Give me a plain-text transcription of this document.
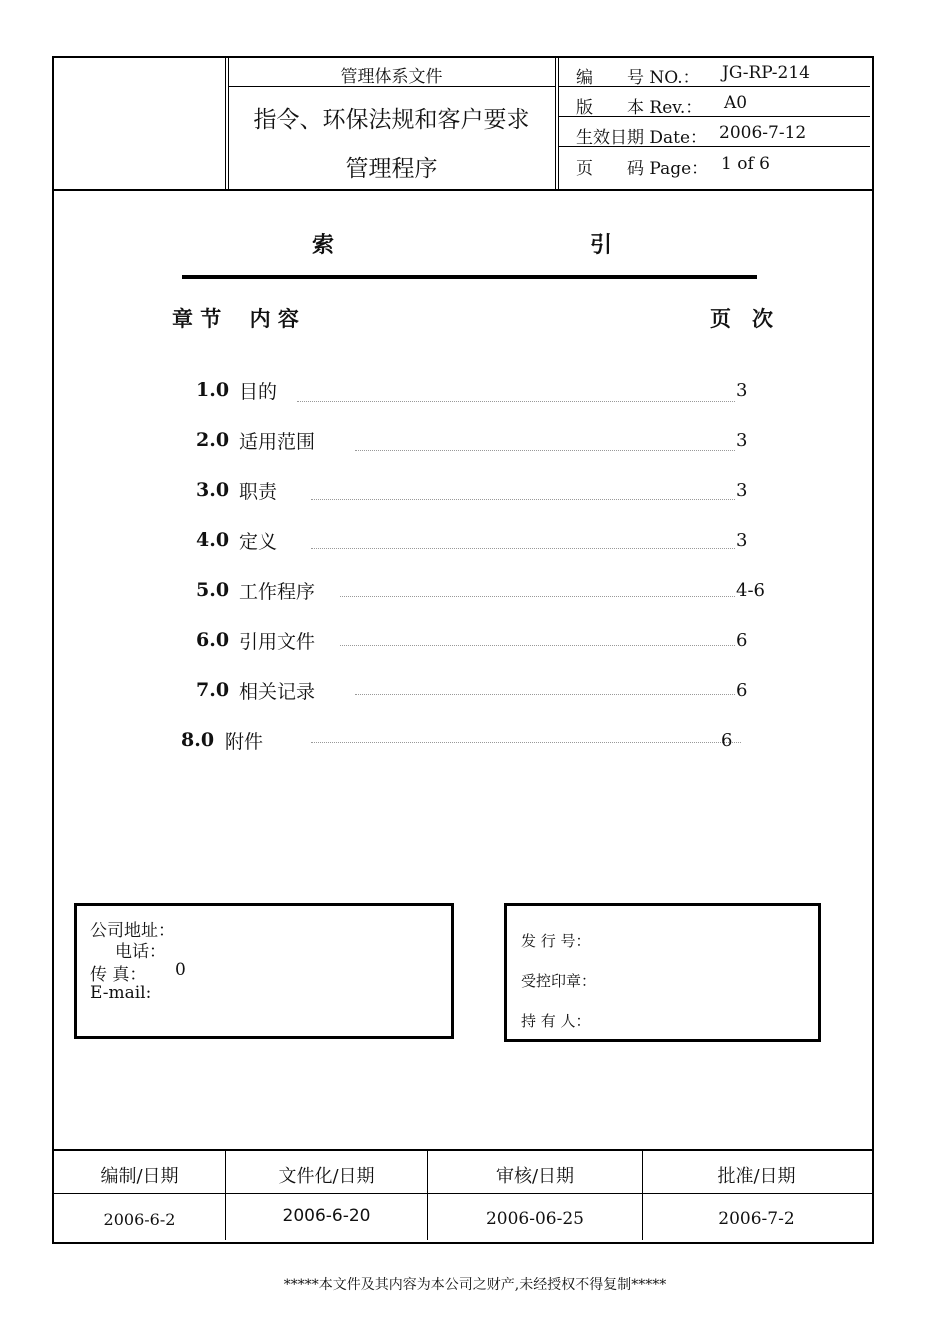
管理体系文件
指令、环保法规和客户要求
管理程序
编　　号 NO.： JG-RP-214
版　　本 Rev.： A0
生效日期 Date： 2006-7-12
页　　码 Page： 1 of 6
索	引
章 节　 内 容	页　次
1.0 目的	3
2.0 适用范围	3
3.0 职责	3
4.0 定义	3
5.0 工作程序	4-6
6.0 引用文件	6
7.0 相关记录	6
8.0 附件	6
公司地址：
电话：
传 真： 0
E-mail:
发 行 号：
受控印章：
持 有 人：
编制/日期	文件化/日期	审核/日期	批准/日期
2006-6-2	2006-6-20	2006-06-25	2006-7-2
*****本文件及其内容为本公司之财产,未经授权不得复制*****
